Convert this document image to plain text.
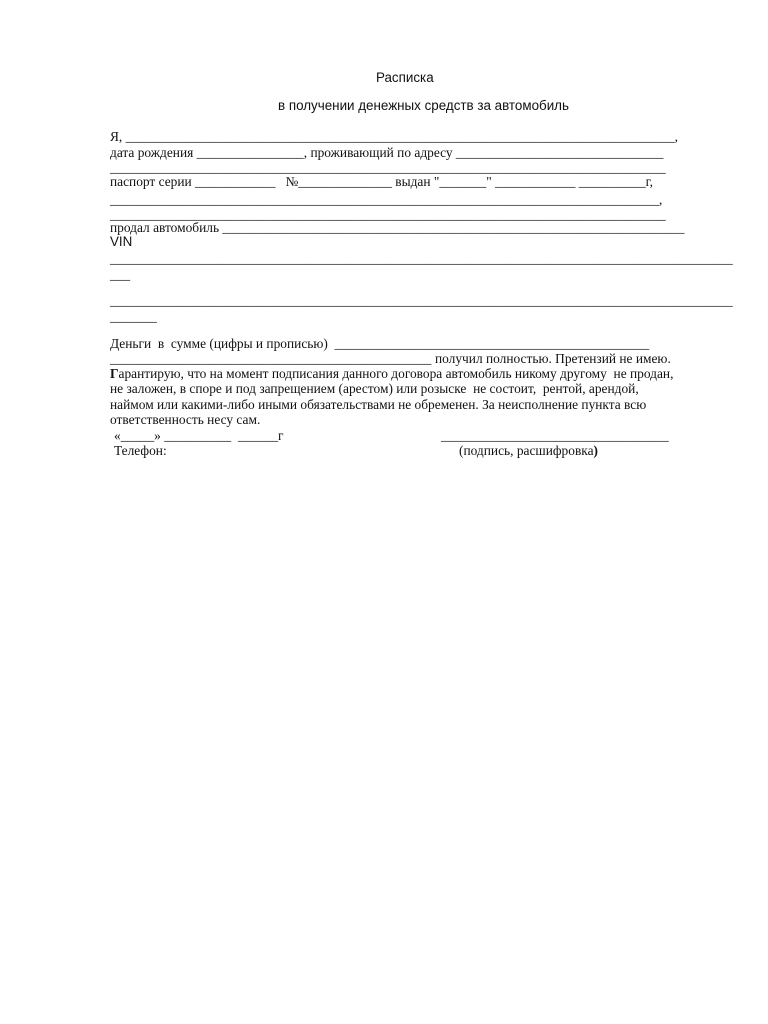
Расписка
в получении денежных средств за автомобиль
Я, __________________________________________________________________________________,
дата рождения ________________, проживающий по адресу _______________________________
___________________________________________________________________________________
паспорт серии ____________   №______________ выдан "_______" ____________ __________г,
__________________________________________________________________________________,
___________________________________________________________________________________
продал автомобиль _____________________________________________________________________
VIN
_____________________________________________________________________________________________
___
_____________________________________________________________________________________________
_______
Деньги  в  сумме (цифры и прописью)  _______________________________________________
________________________________________________ получил полностью. Претензий не имею.
Гарантирую, что на момент подписания данного договора автомобиль никому другому  не продан,
не заложен, в споре и под запрещением (арестом) или розыске  не состоит,  рентой, арендой,
наймом или какими-либо иными обязательствами не обременен. За неисполнение пункта всю
ответственность несу сам.
«_____» __________  ______г	__________________________________
Телефон:	(подпись, расшифровка)
